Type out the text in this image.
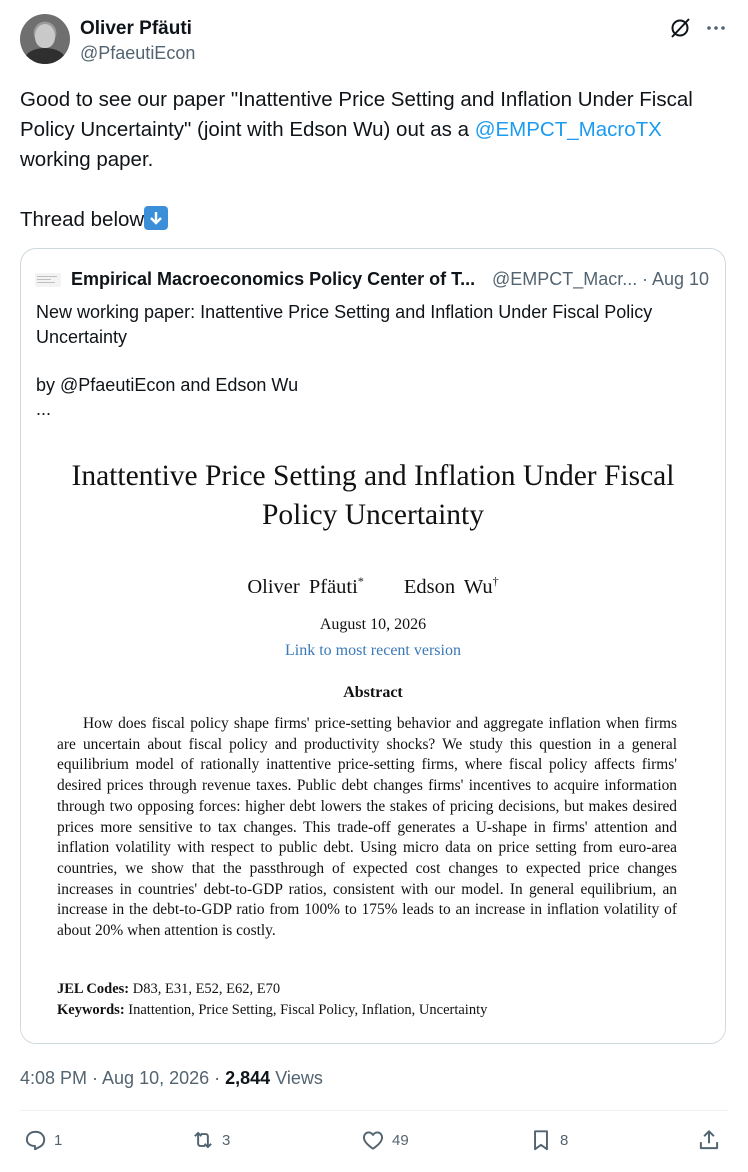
Oliver Pfäuti
@PfaeutiEcon
Good to see our paper "Inattentive Price Setting and Inflation Under Fiscal Policy Uncertainty" (joint with Edson Wu) out as a @EMPCT_MacroTX working paper.
Thread below
Empirical Macroeconomics Policy Center of T... @EMPCT_Macr... · Aug 10
New working paper: Inattentive Price Setting and Inflation Under Fiscal Policy Uncertainty
by @PfaeutiEcon and Edson Wu
...
Inattentive Price Setting and Inflation Under Fiscal
Policy Uncertainty
Oliver Pfäuti* Edson Wu†
August 10, 2026
Link to most recent version
Abstract
How does fiscal policy shape firms' price-setting behavior and aggregate inflation when firms are uncertain about fiscal policy and productivity shocks? We study this question in a general equilibrium model of rationally inattentive price-setting firms, where fiscal policy affects firms' desired prices through revenue taxes. Public debt changes firms' incentives to acquire information through two opposing forces: higher debt lowers the stakes of pricing decisions, but makes desired prices more sensitive to tax changes. This trade-off generates a U-shape in firms' attention and inflation volatility with respect to public debt. Using micro data on price setting from euro-area countries, we show that the passthrough of expected cost changes to expected price changes increases in countries' debt-to-GDP ratios, consistent with our model. In general equilibrium, an increase in the debt-to-GDP ratio from 100% to 175% leads to an increase in inflation volatility of about 20% when attention is costly.
JEL Codes: D83, E31, E52, E62, E70
Keywords: Inattention, Price Setting, Fiscal Policy, Inflation, Uncertainty
4:08 PM · Aug 10, 2026 · 2,844 Views
1	3	49	8
